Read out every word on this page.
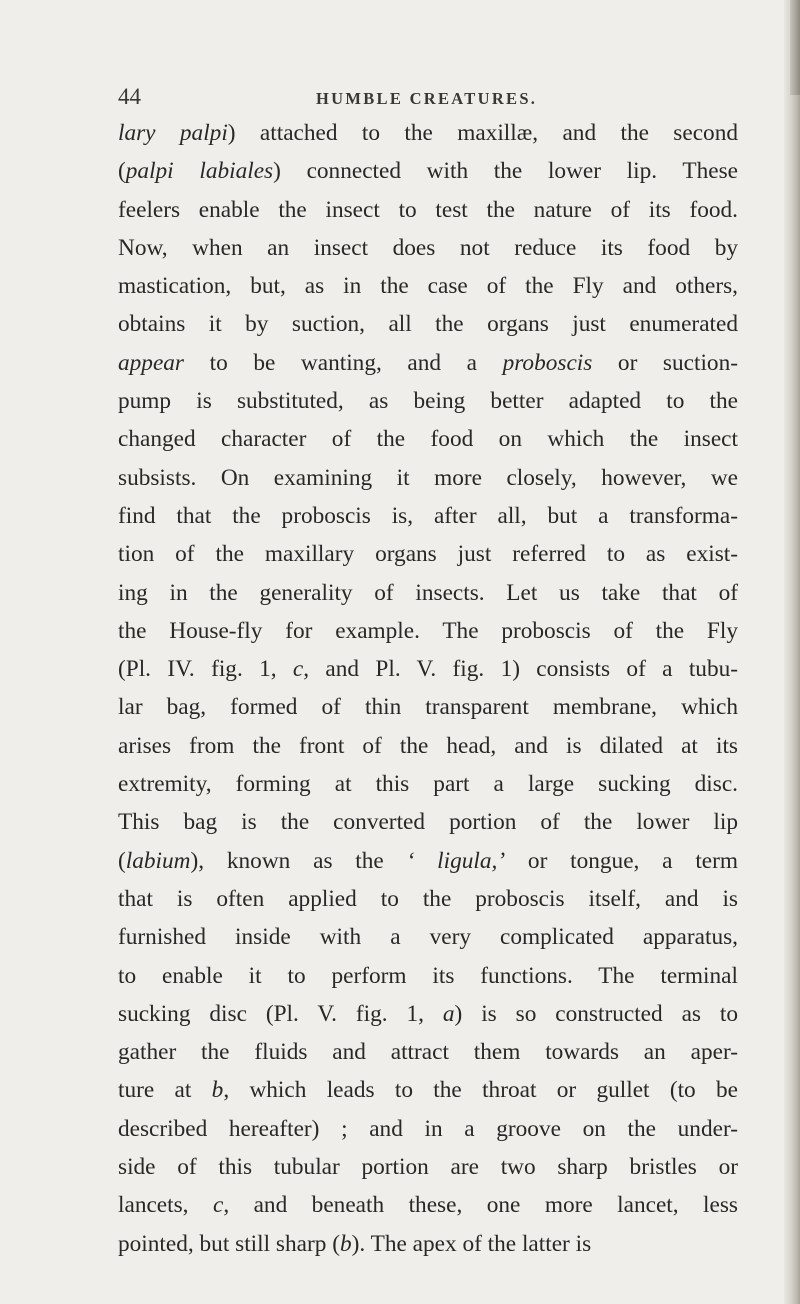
44	HUMBLE CREATURES.
lary palpi) attached to the maxillæ, and the second
(palpi labiales) connected with the lower lip. These
feelers enable the insect to test the nature of its food.
Now, when an insect does not reduce its food by
mastication, but, as in the case of the Fly and others,
obtains it by suction, all the organs just enumerated
appear to be wanting, and a proboscis or suction-
pump is substituted, as being better adapted to the
changed character of the food on which the insect
subsists. On examining it more closely, however, we
find that the proboscis is, after all, but a transforma-
tion of the maxillary organs just referred to as exist-
ing in the generality of insects. Let us take that of
the House-fly for example. The proboscis of the Fly
(Pl. IV. fig. 1, c, and Pl. V. fig. 1) consists of a tubu-
lar bag, formed of thin transparent membrane, which
arises from the front of the head, and is dilated at its
extremity, forming at this part a large sucking disc.
This bag is the converted portion of the lower lip
(labium), known as the ‘ ligula,’ or tongue, a term
that is often applied to the proboscis itself, and is
furnished inside with a very complicated apparatus,
to enable it to perform its functions. The terminal
sucking disc (Pl. V. fig. 1, a) is so constructed as to
gather the fluids and attract them towards an aper-
ture at b, which leads to the throat or gullet (to be
described hereafter) ; and in a groove on the under-
side of this tubular portion are two sharp bristles or
lancets, c, and beneath these, one more lancet, less
pointed, but still sharp (b). The apex of the latter is
